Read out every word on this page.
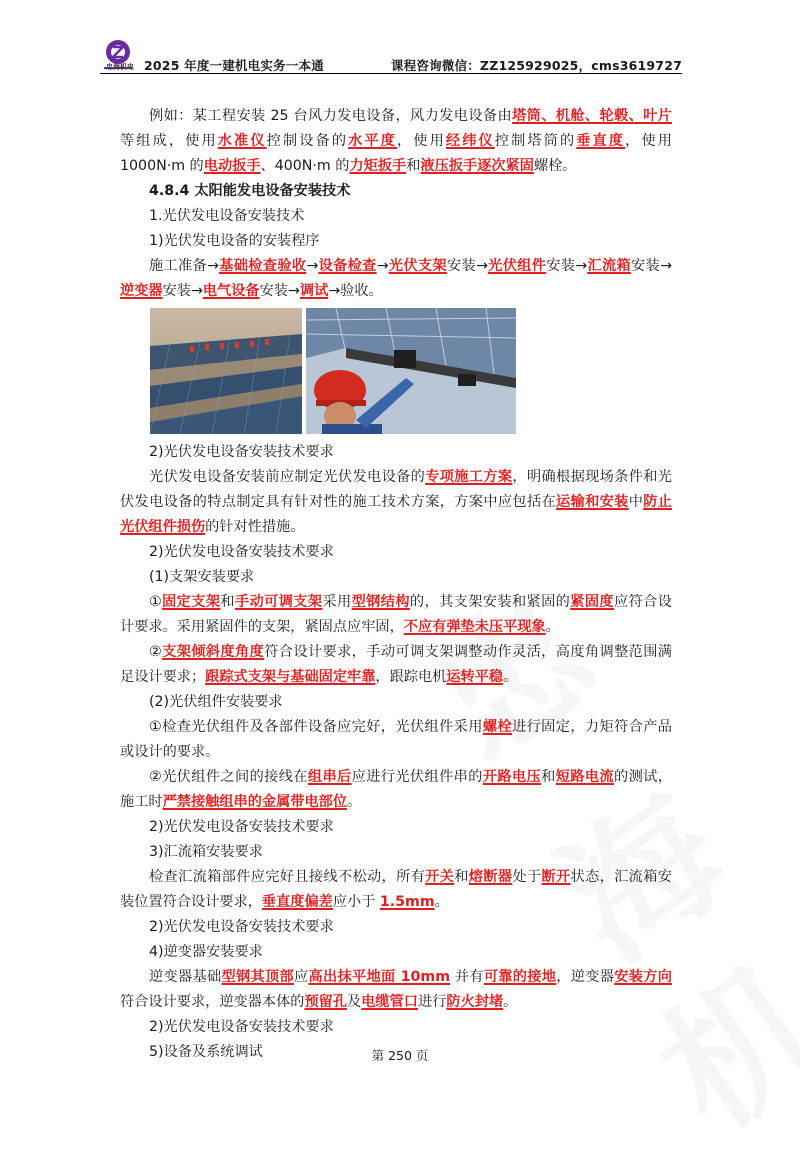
忠海机电 2025 年度一建机电实务一本通	课程咨询微信：ZZ125929025，cms3619727

例如：某工程安装 25 台风力发电设备，风力发电设备由塔筒、机舱、轮毂、叶片等组成，使用水准仪控制设备的水平度，使用经纬仪控制塔筒的垂直度，使用 1000N·m 的电动扳手、400N·m 的力矩扳手和液压扳手逐次紧固螺栓。

4.8.4 太阳能发电设备安装技术

1.光伏发电设备安装技术

1)光伏发电设备的安装程序

施工准备→基础检查验收→设备检查→光伏支架安装→光伏组件安装→汇流箱安装→逆变器安装→电气设备安装→调试→验收。

2)光伏发电设备安装技术要求

光伏发电设备安装前应制定光伏发电设备的专项施工方案，明确根据现场条件和光伏发电设备的特点制定具有针对性的施工技术方案，方案中应包括在运输和安装中防止光伏组件损伤的针对性措施。

2)光伏发电设备安装技术要求

(1)支架安装要求

①固定支架和手动可调支架采用型钢结构的，其支架安装和紧固的紧固度应符合设计要求。采用紧固件的支架，紧固点应牢固，不应有弹垫未压平现象。

②支架倾斜度角度符合设计要求，手动可调支架调整动作灵活，高度角调整范围满足设计要求；跟踪式支架与基础固定牢靠，跟踪电机运转平稳。

(2)光伏组件安装要求

①检查光伏组件及各部件设备应完好，光伏组件采用螺栓进行固定，力矩符合产品或设计的要求。

②光伏组件之间的接线在组串后应进行光伏组件串的开路电压和短路电流的测试，施工时严禁接触组串的金属带电部位。

2)光伏发电设备安装技术要求

3)汇流箱安装要求

检查汇流箱部件应完好且接线不松动，所有开关和熔断器处于断开状态，汇流箱安装位置符合设计要求，垂直度偏差应小于 1.5mm。

2)光伏发电设备安装技术要求

4)逆变器安装要求

逆变器基础型钢其顶部应高出抹平地面 10mm 并有可靠的接地，逆变器安装方向符合设计要求，逆变器本体的预留孔及电缆管口进行防火封堵。

2)光伏发电设备安装技术要求

5)设备及系统调试	第 250 页
